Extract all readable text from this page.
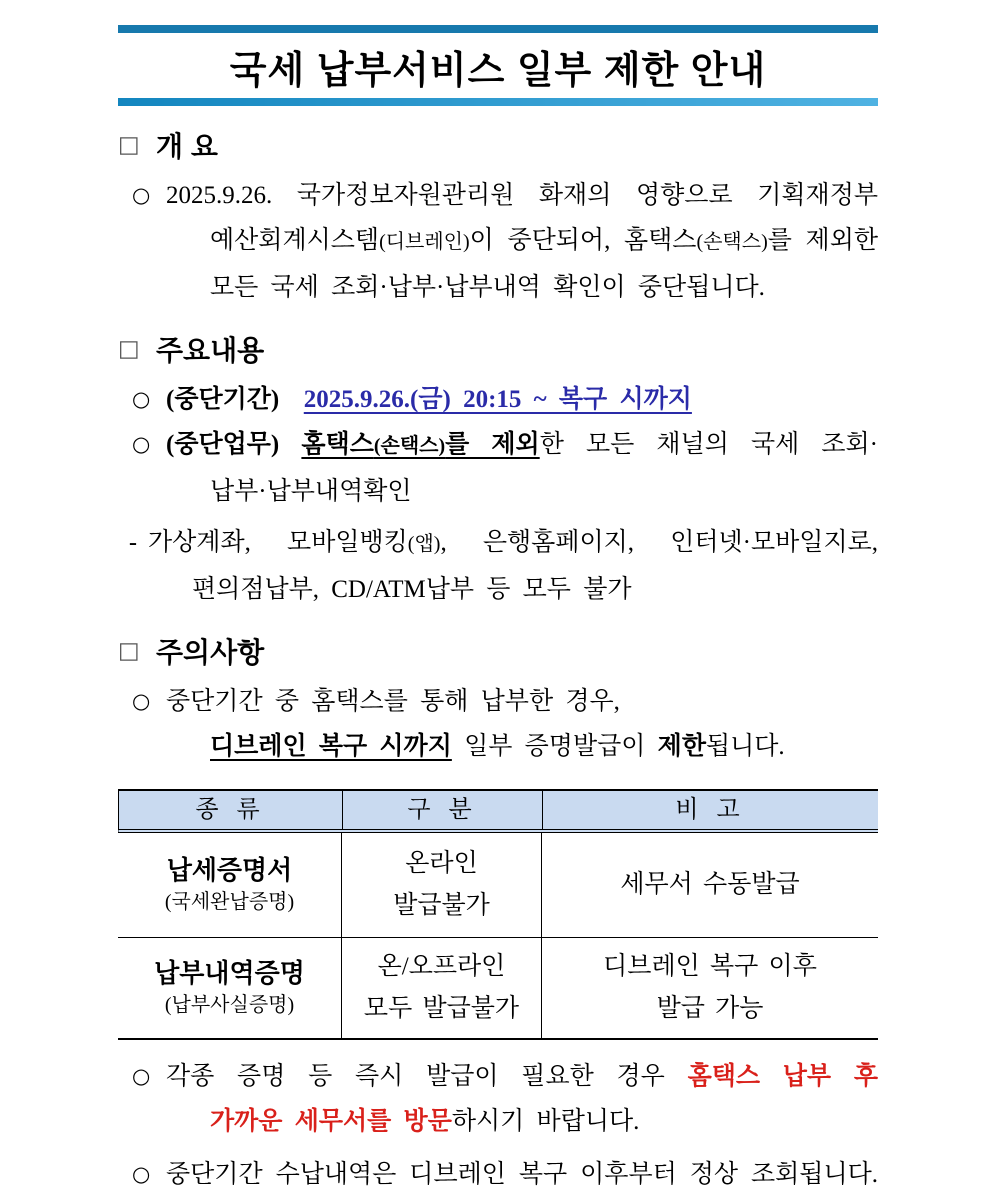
국세 납부서비스 일부 제한 안내
□ 개 요
○ 2025.9.26. 국가정보자원관리원 화재의 영향으로 기획재정부
예산회계시스템(디브레인)이 중단되어, 홈택스(손택스)를 제외한
모든 국세 조회·납부·납부내역 확인이 중단됩니다.
□ 주요내용
○ (중단기간) 2025.9.26.(금) 20:15 ~ 복구 시까지
○ (중단업무) 홈택스(손택스)를 제외한 모든 채널의 국세 조회·
납부·납부내역확인
- 가상계좌, 모바일뱅킹(앱), 은행홈페이지, 인터넷·모바일지로,
편의점납부, CD/ATM납부 등 모두 불가
□ 주의사항
○ 중단기간 중 홈택스를 통해 납부한 경우,
디브레인 복구 시까지 일부 증명발급이 제한됩니다.
종 류	구 분	비 고
납세증명서
(국세완납증명)
온라인
발급불가
세무서 수동발급
납부내역증명
(납부사실증명)
온/오프라인
모두 발급불가
디브레인 복구 이후
발급 가능
○ 각종 증명 등 즉시 발급이 필요한 경우 홈택스 납부 후
가까운 세무서를 방문하시기 바랍니다.
○ 중단기간 수납내역은 디브레인 복구 이후부터 정상 조회됩니다.
